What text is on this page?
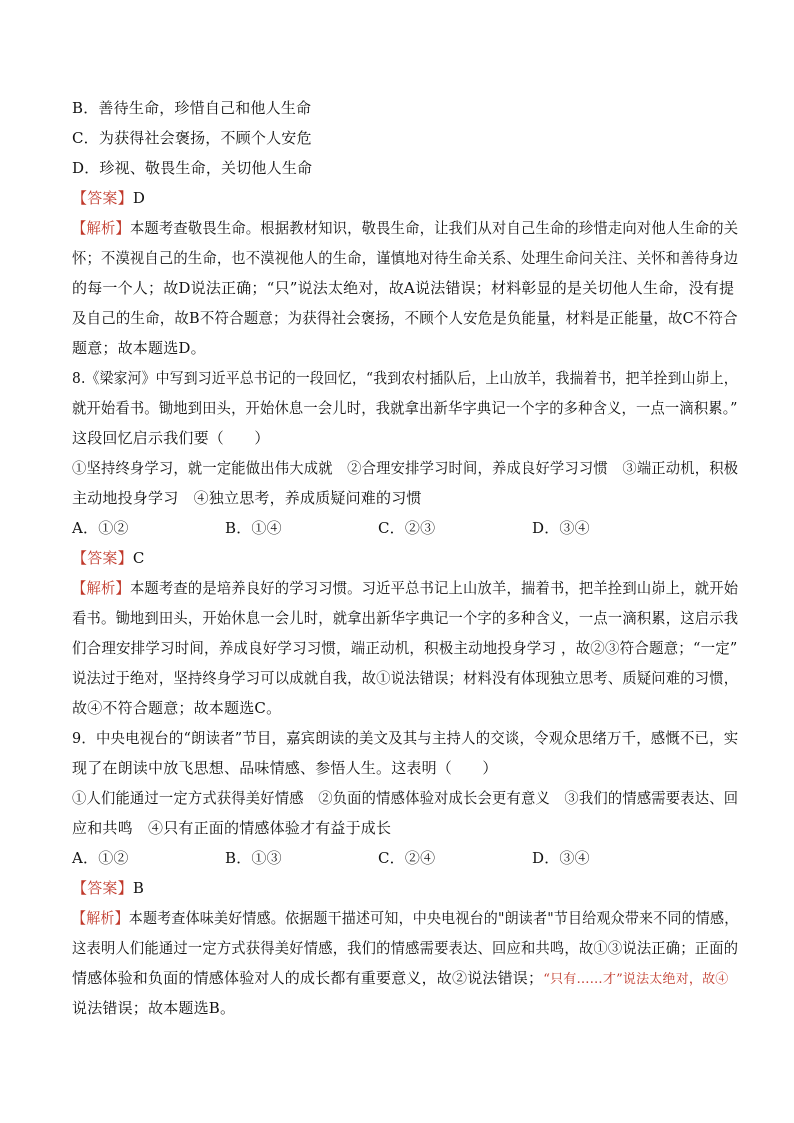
B．善待生命，珍惜自己和他人生命
C．为获得社会褒扬，不顾个人安危
D．珍视、敬畏生命，关切他人生命
【答案】D
【解析】本题考查敬畏生命。根据教材知识，敬畏生命，让我们从对自己生命的珍惜走向对他人生命的关
怀；不漠视自己的生命，也不漠视他人的生命，谨慎地对待生命关系、处理生命问关注、关怀和善待身边
的每一个人；故D说法正确；“只”说法太绝对，故A说法错误；材料彰显的是关切他人生命，没有提
及自己的生命，故B不符合题意；为获得社会褒扬，不顾个人安危是负能量，材料是正能量，故C不符合
题意；故本题选D。
8.《梁家河》中写到习近平总书记的一段回忆，“我到农村插队后，上山放羊，我揣着书，把羊拴到山峁上，
就开始看书。锄地到田头，开始休息一会儿时，我就拿出新华字典记一个字的多种含义，一点一滴积累。”
这段回忆启示我们要（　　）
①坚持终身学习，就一定能做出伟大成就　②合理安排学习时间，养成良好学习习惯　③端正动机，积极
主动地投身学习　④独立思考，养成质疑问难的习惯
A．①②	B．①④	C．②③	D．③④
【答案】C
【解析】本题考查的是培养良好的学习习惯。习近平总书记上山放羊，揣着书，把羊拴到山峁上，就开始
看书。锄地到田头，开始休息一会儿时，就拿出新华字典记一个字的多种含义，一点一滴积累，这启示我
们合理安排学习时间，养成良好学习习惯，端正动机，积极主动地投身学习 ，故②③符合题意；“一定”
说法过于绝对，坚持终身学习可以成就自我，故①说法错误；材料没有体现独立思考、质疑问难的习惯，
故④不符合题意；故本题选C。
9．中央电视台的“朗读者”节目，嘉宾朗读的美文及其与主持人的交谈，令观众思绪万千，感慨不已，实
现了在朗读中放飞思想、品味情感、参悟人生。这表明（　　）
①人们能通过一定方式获得美好情感　②负面的情感体验对成长会更有意义　③我们的情感需要表达、回
应和共鸣　④只有正面的情感体验才有益于成长
A．①②	B．①③	C．②④	D．③④
【答案】B
【解析】本题考查体味美好情感。依据题干描述可知，中央电视台的"朗读者"节目给观众带来不同的情感，
这表明人们能通过一定方式获得美好情感，我们的情感需要表达、回应和共鸣，故①③说法正确；正面的
情感体验和负面的情感体验对人的成长都有重要意义，故②说法错误；“只有……才”说法太绝对，故④
说法错误；故本题选B。
